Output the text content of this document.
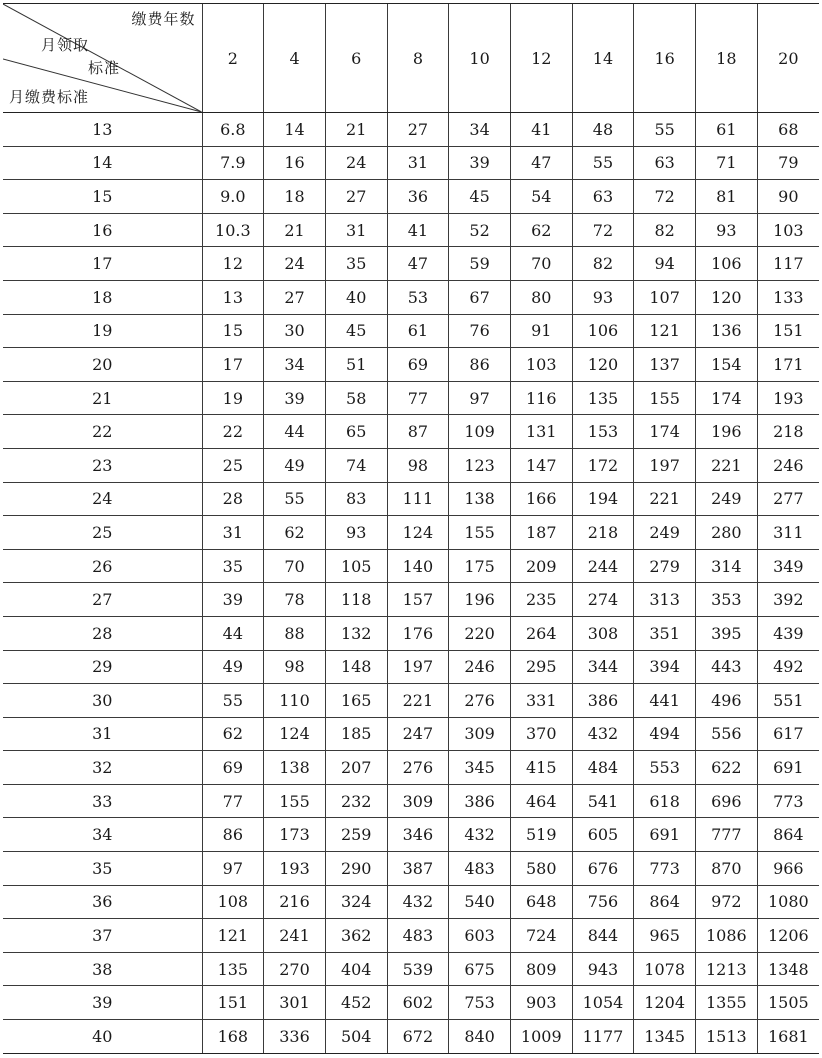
缴费年数
月领取
标准
月缴费标准	2	4	6	8	10	12	14	16	18	20
13	6.8	14	21	27	34	41	48	55	61	68
14	7.9	16	24	31	39	47	55	63	71	79
15	9.0	18	27	36	45	54	63	72	81	90
16	10.3	21	31	41	52	62	72	82	93	103
17	12	24	35	47	59	70	82	94	106	117
18	13	27	40	53	67	80	93	107	120	133
19	15	30	45	61	76	91	106	121	136	151
20	17	34	51	69	86	103	120	137	154	171
21	19	39	58	77	97	116	135	155	174	193
22	22	44	65	87	109	131	153	174	196	218
23	25	49	74	98	123	147	172	197	221	246
24	28	55	83	111	138	166	194	221	249	277
25	31	62	93	124	155	187	218	249	280	311
26	35	70	105	140	175	209	244	279	314	349
27	39	78	118	157	196	235	274	313	353	392
28	44	88	132	176	220	264	308	351	395	439
29	49	98	148	197	246	295	344	394	443	492
30	55	110	165	221	276	331	386	441	496	551
31	62	124	185	247	309	370	432	494	556	617
32	69	138	207	276	345	415	484	553	622	691
33	77	155	232	309	386	464	541	618	696	773
34	86	173	259	346	432	519	605	691	777	864
35	97	193	290	387	483	580	676	773	870	966
36	108	216	324	432	540	648	756	864	972	1080
37	121	241	362	483	603	724	844	965	1086	1206
38	135	270	404	539	675	809	943	1078	1213	1348
39	151	301	452	602	753	903	1054	1204	1355	1505
40	168	336	504	672	840	1009	1177	1345	1513	1681
